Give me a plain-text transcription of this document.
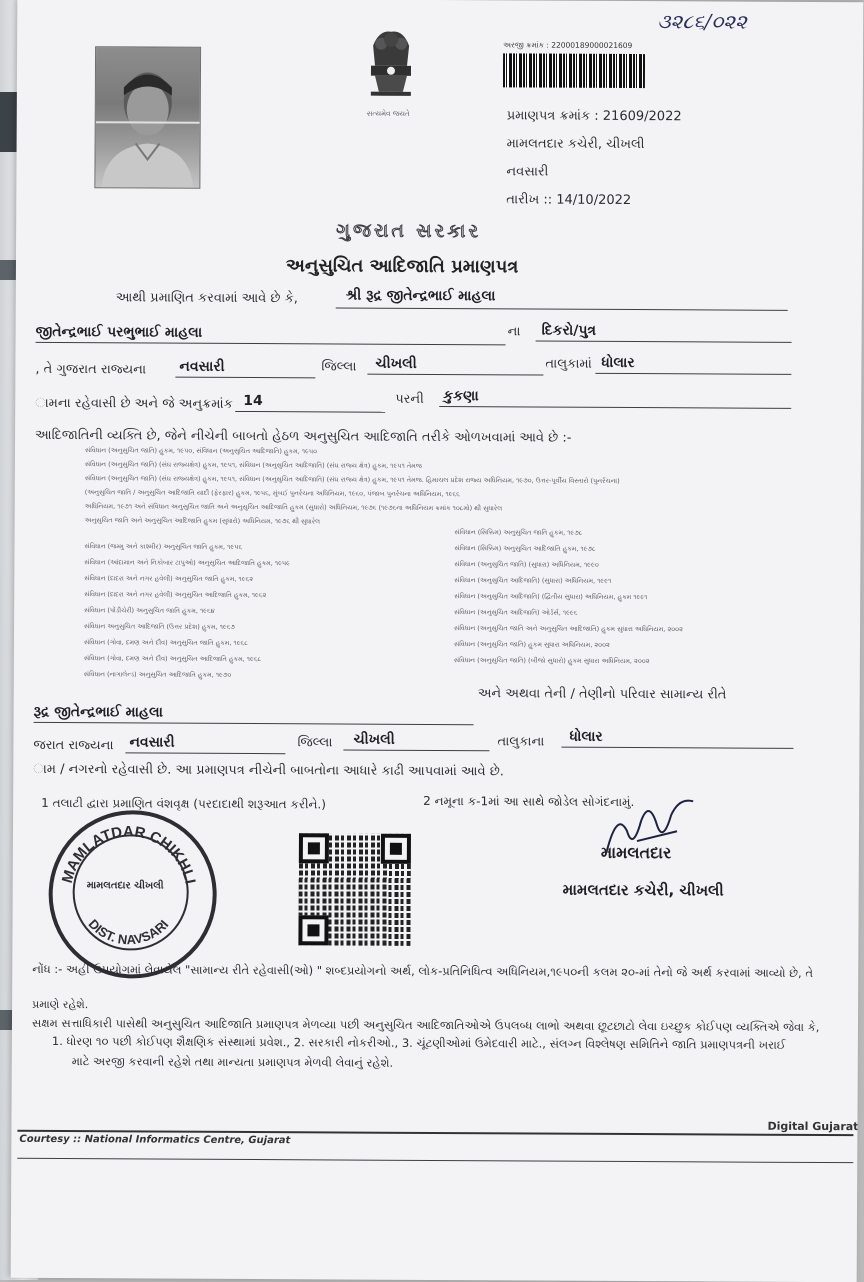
૩૨૮૬/૦૨૨
સત્યમેવ જયતે
અરજી ક્રમાંક : 22000189000021609
પ્રમાણપત્ર ક્રમાંક : 21609/2022
મામલતદાર કચેરી, ચીખલી
નવસારી
તારીખ :: 14/10/2022
ગુજરાત સરકાર
અનુસુચિત આદિજાતિ પ્રમાણપત્ર
આથી પ્રમાણિત કરવામાં આવે છે કે,	શ્રી રૂદ્ર જીતેન્દ્રભાઈ માહલા
જીતેન્દ્રભાઈ પરભુભાઈ માહલા	ના દિકરો/પુત્ર
, તે ગુજરાત રાજ્યના નવસારી	જિલ્લા ચીખલી	તાલુકામાં ધોલાર
ામના રહેવાસી છે અને જે અનુક્રમાંક 14	પરની કુકણા
આદિજાતિની વ્યક્તિ છે, જેને નીચેની બાબતો હેઠળ અનુસુચિત આદિજાતિ તરીકે ઓળખવામાં આવે છે :-
સંવિધાન (અનુસુચિત જાતિ) હુકમ, ૧૯૫૦, સંવિધાન (અનુસુચિત આદિજાતિ) હુકમ, ૧૯૫૦
સંવિધાન (અનુસુચિત જાતિ) (સંઘ રાજ્યક્ષેત્ર) હુકમ, ૧૯૫૧, સંવિધાન (અનુસુચિત આદિજાતિ) (સંઘ રાજ્ય ક્ષેત્ર) હુકમ, ૧૯૫૧ તેમજ
સંવિધાન (અનુસુચિત જાતિ) (સંઘ રાજ્યક્ષેત્ર) હુકમ, ૧૯૫૧, સંવિધાન (અનુસુચિત આદિજાતિ) (સંઘ રાજ્ય ક્ષેત્ર) હુકમ, ૧૯૫૧ તેમજ. હિમાચલ પ્રદેશ રાજ્ય અધિનિયમ, ૧૯૭૦, ઉત્તર-પૂર્વીય વિસ્તારો (પુનર્રચના)
(અનુસુચિત જાતિ / અનુસુચિત આદિજાતિ યાદી (ફેરફાર) હુકમ, ૧૯૫૬, મુંબઈ પુનર્રચના અધિનિયમ, ૧૯૬૦, પંજાબ પુનર્રચના અધિનિયમ, ૧૯૬૬
અધિનિયમ, ૧૯૭૧ અને સંવિધાન અનુસુચિત જાતિ અને અનુસુચિત આદિજાતિ હુકમ (સુધારો) અધિનિયમ, ૧૯૭૬ (૧૯૭૬ના અધિનિયમ ક્રમાંક ૧૦૮મો) થી સુધારેલ
અનુસુચિત જાતિ અને અનુસુચિત આદિજાતિ હુકમ (સુધારો) અધિનિયમ, ૧૯૭૬ થી સુધારેલ
સંવિધાન (જમ્મુ અને કાશ્મીર) અનુસુચિત જાતિ હુકમ, ૧૯૫૬
સંવિધાન (આંદામાન અને નિકોબાર ટાપુઓ) અનુસુચિત આદિજાતિ હુકમ, ૧૯૫૯
સંવિધાન (દાદરા અને નગર હવેલી) અનુસુચિત જાતિ હુકમ, ૧૯૬૨
સંવિધાન (દાદરા અને નગર હવેલી) અનુસુચિત આદિજાતિ હુકમ, ૧૯૬૨
સંવિધાન (પોંડીચેરી) અનુસુચિત જાતિ હુકમ, ૧૯૬૪
સંવિધાન અનુસુચિત આદિજાતિ (ઉત્તર પ્રદેશ) હુકમ, ૧૯૬૭
સંવિધાન (ગોવા, દમણ અને દીવ) અનુસુચિત જાતિ હુકમ, ૧૯૬૮
સંવિધાન (ગોવા, દમણ અને દીવ) અનુસુચિત આદિજાતિ હુકમ, ૧૯૬૮
સંવિધાન (નાગાલેન્ડ) અનુસુચિત આદિજાતિ હુકમ, ૧૯૭૦
સંવિધાન (સિક્કિમ) અનુસુચિત જાતિ હુકમ, ૧૯૭૮
સંવિધાન (સિક્કિમ) અનુસુચિત આદિજાતિ હુકમ, ૧૯૭૮
સંવિધાન (અનુસુચિત જાતિ) (સુધારા) અધિનિયમ, ૧૯૯૦
સંવિધાન (અનુસુચિત આદિજાતિ) (સુધારા) અધિનિયમ, ૧૯૯૧
સંવિધાન (અનુસુચિત આદિજાતિ) (દ્વિતીય સુધારા) અધિનિયમ, હુકમ ૧૯૯૧
સંવિધાન (અનુસુચિત આદિજાતિ) ઓર્ડર્સ, ૧૯૯૬
સંવિધાન (અનુસુચિત જાતિ અને અનુસુચિત આદિજાતિ) હુકમ સુધારા અધિનિયમ, ૨૦૦૨
સંવિધાન (અનુસુચિત જાતિ) હુકમ સુધારા અધિનિયમ, ૨૦૦૨
સંવિધાન (અનુસુચિત જાતિ) (બીજો સુધારો) હુકમ સુધારા અધિનિયમ, ૨૦૦૨
અને અથવા તેની / તેણીનો પરિવાર સામાન્ય રીતે
રૂદ્ર જીતેન્દ્રભાઈ માહલા
જરાત રાજ્યના નવસારી	જિલ્લા ચીખલી	તાલુકાના ધોલાર
ામ / નગરનો રહેવાસી છે. આ પ્રમાણપત્ર નીચેની બાબતોના આધારે કાઢી આપવામાં આવે છે.
1 તલાટી દ્વારા પ્રમાણિત વંશવૃક્ષ (પરદાદાથી શરૂઆત કરીને.)	2 નમૂના ક-1માં આ સાથે જોડેલ સોગંદનામું.
MAMLATDAR CHIKHLI
DIST. NAVSARI
મામલતદાર ચીખલી
મામલતદાર
મામલતદાર કચેરી, ચીખલી
નોંધ :- અહીં ઉપયોગમાં લેવાયેલ "સામાન્ય રીતે રહેવાસી(ઓ) " શબ્દપ્રયોગનો અર્થ, લોક-પ્રતિનિધિત્વ અધિનિયમ,૧૯૫૦ની કલમ ૨૦-માં તેનો જે અર્થ કરવામાં આવ્યો છે, તે
પ્રમાણે રહેશે.
સક્ષમ સત્તાધિકારી પાસેથી અનુસુચિત આદિજાતિ પ્રમાણપત્ર મેળવ્યા પછી અનુસુચિત આદિજાતિઓએ ઉપલબ્ધ લાભો અથવા છૂટછાટો લેવા ઇચ્છુક કોઈપણ વ્યક્તિએ જેવા કે,
1. ધોરણ ૧૦ પછી કોઈપણ શૈક્ષણિક સંસ્થામાં પ્રવેશ., 2. સરકારી નોકરીઓ., 3. ચૂંટણીઓમાં ઉમેદવારી માટે., સંલગ્ન વિશ્લેષણ સમિતિને જાતિ પ્રમાણપત્રની ખરાઈ
માટે અરજી કરવાની રહેશે તથા માન્યતા પ્રમાણપત્ર મેળવી લેવાનું રહેશે.
Digital Gujarat
Courtesy :: National Informatics Centre, Gujarat
